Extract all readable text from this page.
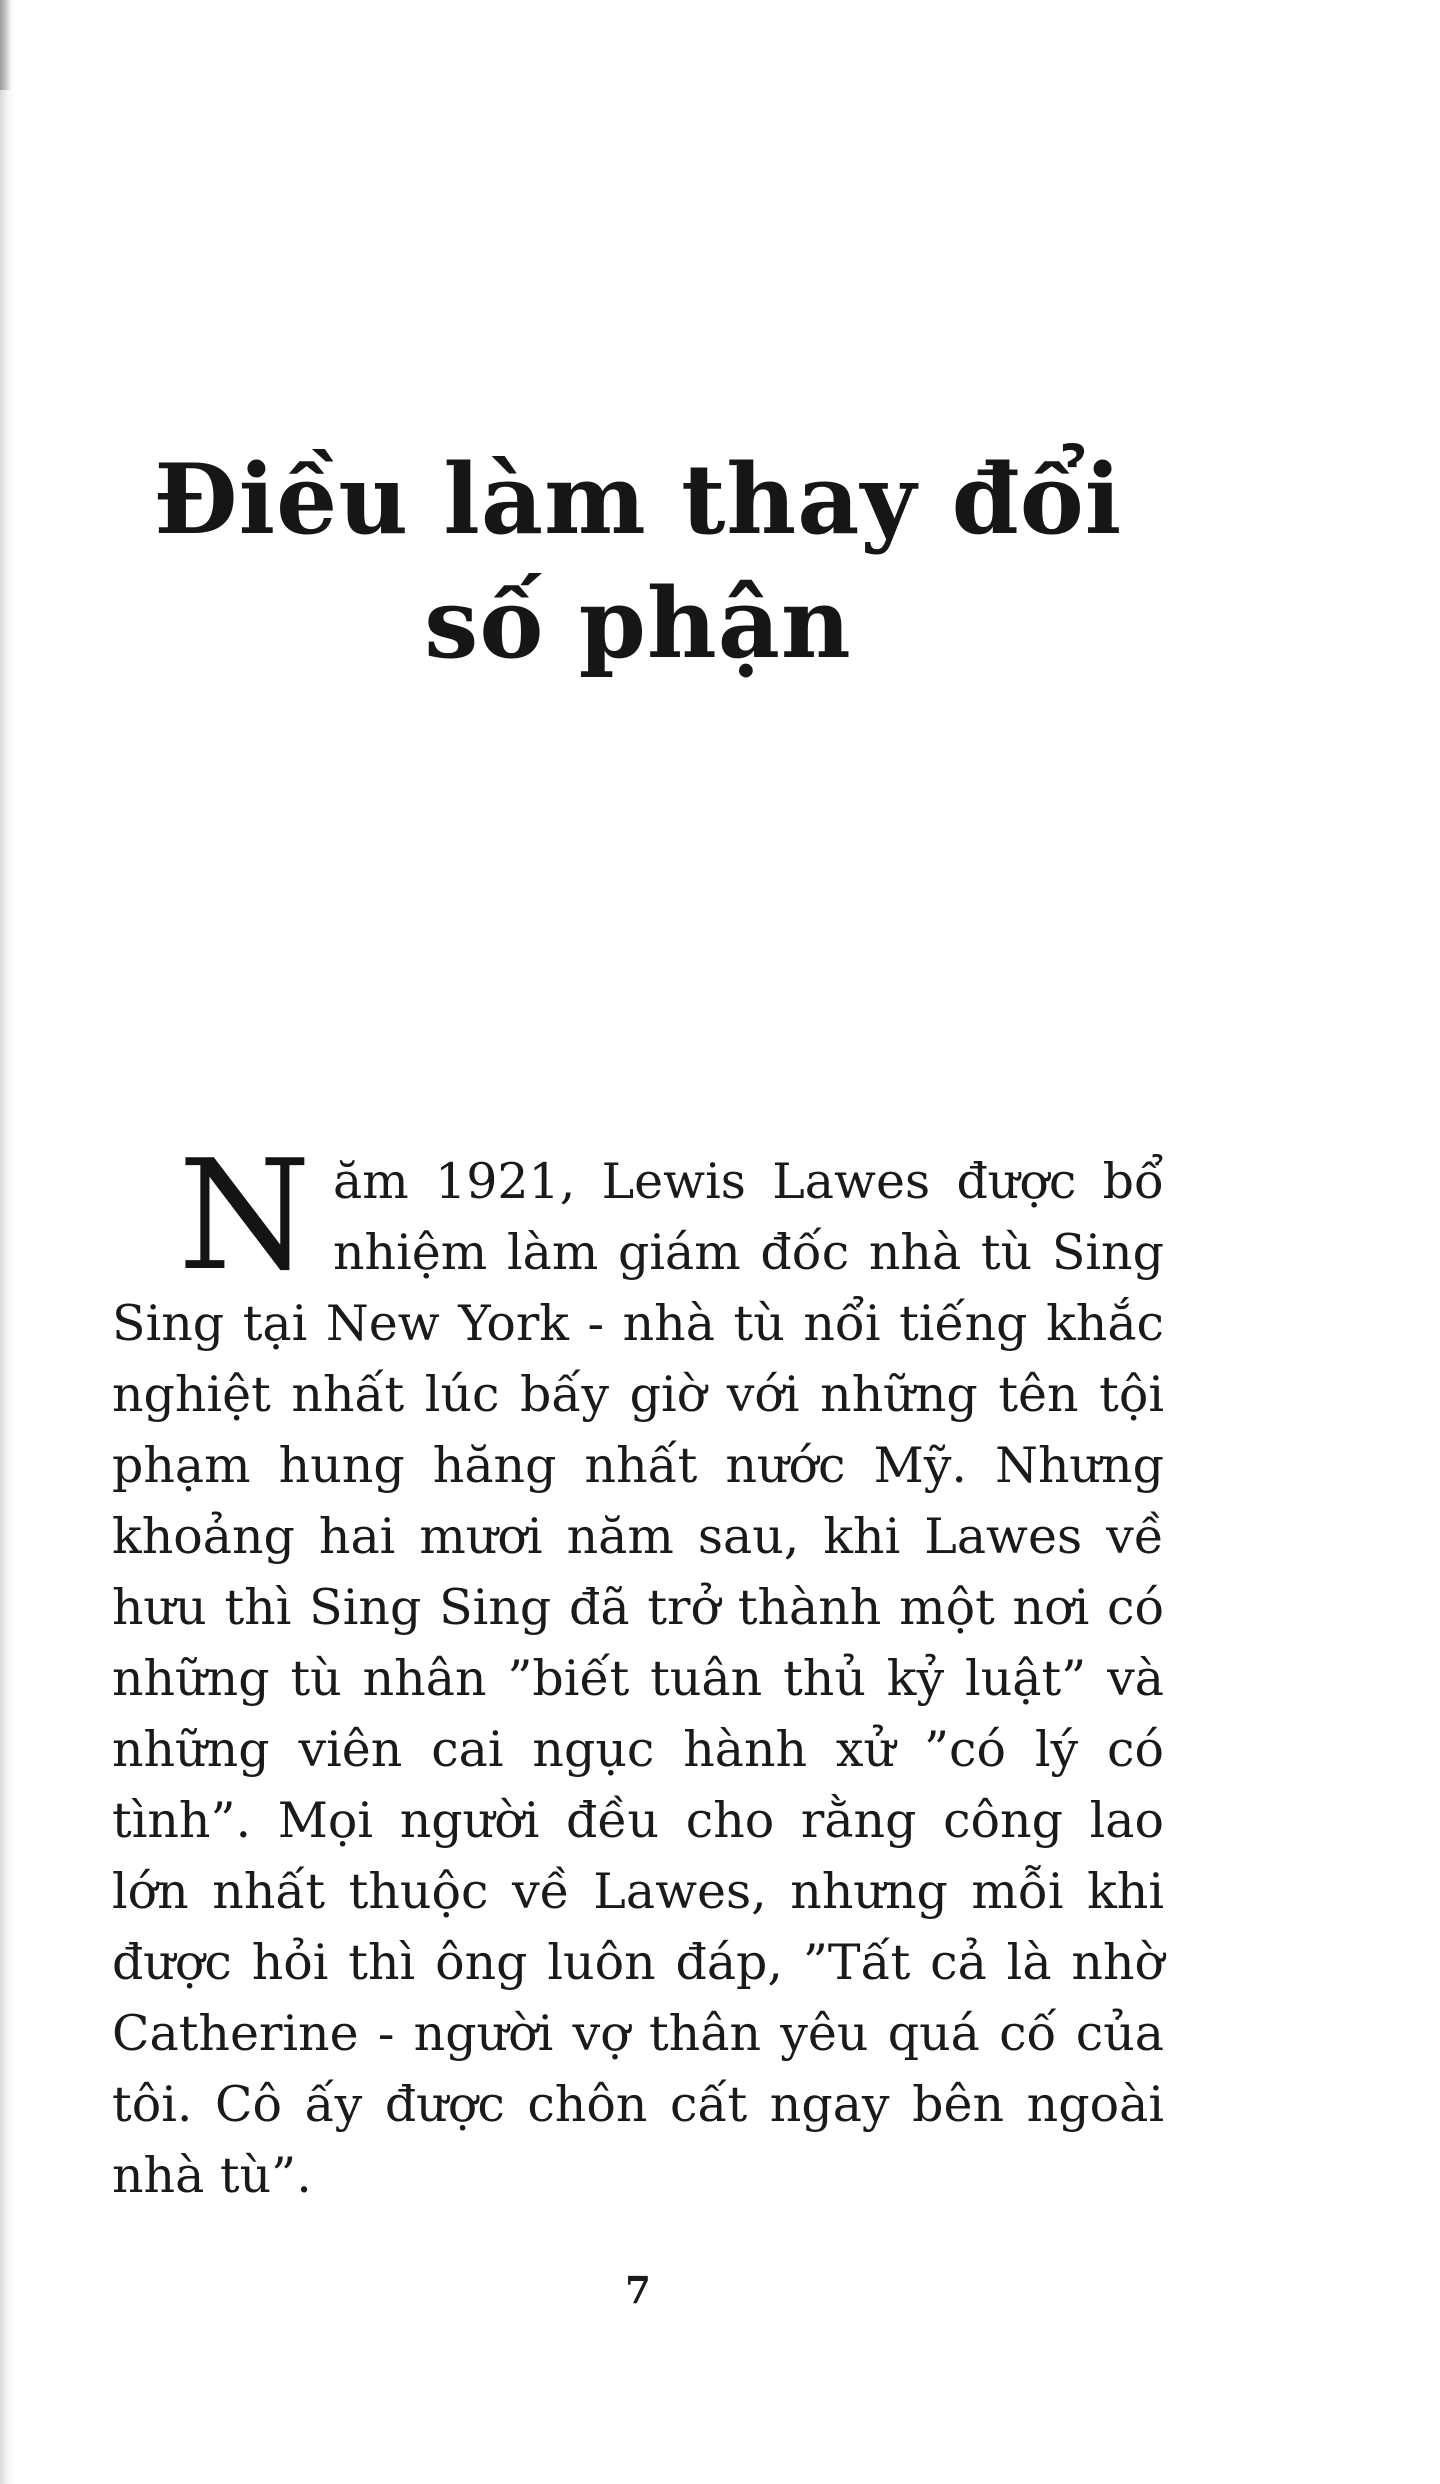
Điều làm thay đổi
số phận

Năm 1921, Lewis Lawes được bổ nhiệm làm giám đốc nhà tù Sing Sing tại New York - nhà tù nổi tiếng khắc nghiệt nhất lúc bấy giờ với những tên tội phạm hung hăng nhất nước Mỹ. Nhưng khoảng hai mươi năm sau, khi Lawes về hưu thì Sing Sing đã trở thành một nơi có những tù nhân ”biết tuân thủ kỷ luật” và những viên cai ngục hành xử ”có lý có tình”. Mọi người đều cho rằng công lao lớn nhất thuộc về Lawes, nhưng mỗi khi được hỏi thì ông luôn đáp, ”Tất cả là nhờ Catherine - người vợ thân yêu quá cố của tôi. Cô ấy được chôn cất ngay bên ngoài nhà tù”.

7
